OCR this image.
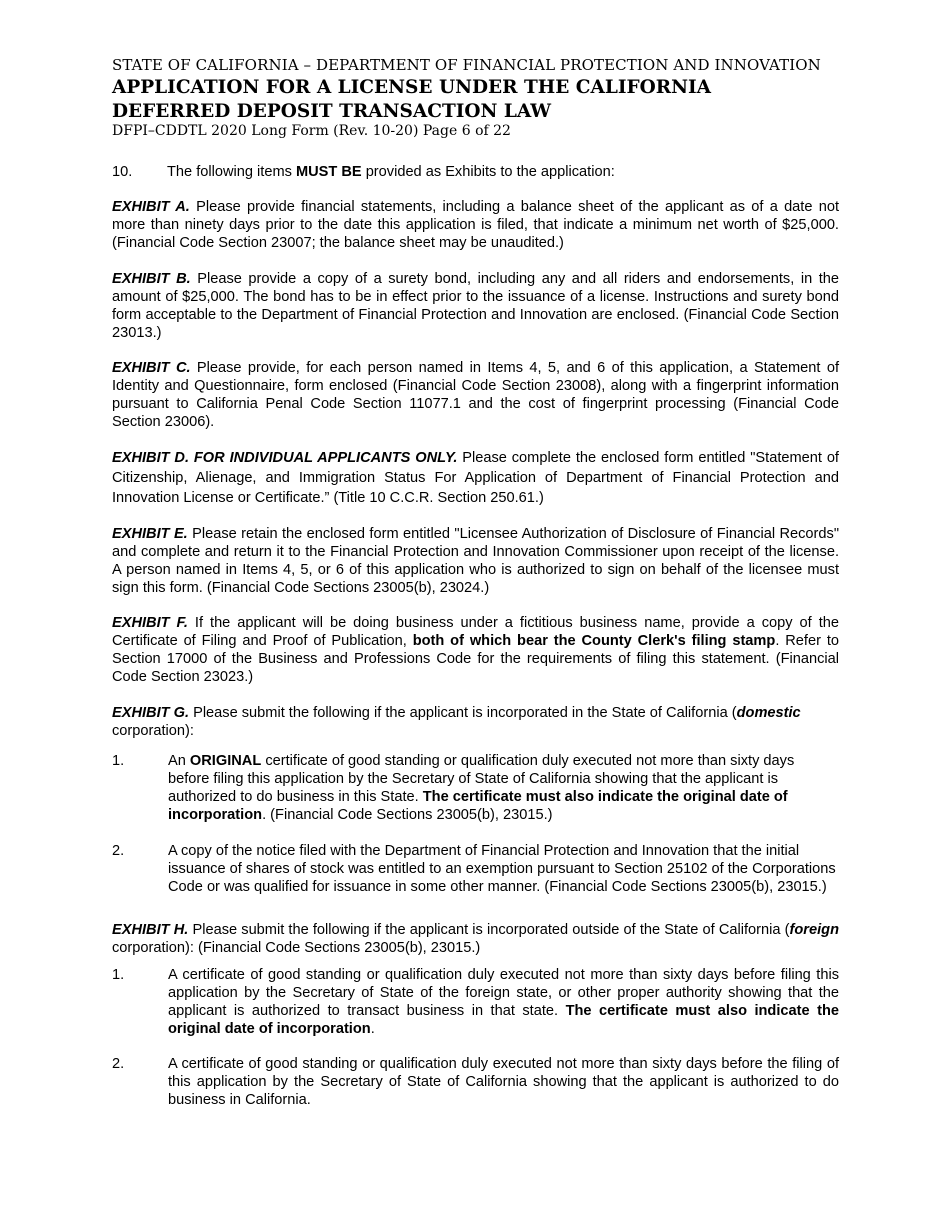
STATE OF CALIFORNIA – DEPARTMENT OF FINANCIAL PROTECTION AND INNOVATION
APPLICATION FOR A LICENSE UNDER THE CALIFORNIA
DEFERRED DEPOSIT TRANSACTION LAW
DFPI–CDDTL 2020 Long Form (Rev. 10-20) Page 6 of 22
10. The following items MUST BE provided as Exhibits to the application:
EXHIBIT A. Please provide financial statements, including a balance sheet of the applicant as of a date not more than ninety days prior to the date this application is filed, that indicate a minimum net worth of $25,000. (Financial Code Section 23007; the balance sheet may be unaudited.)
EXHIBIT B. Please provide a copy of a surety bond, including any and all riders and endorsements, in the amount of $25,000. The bond has to be in effect prior to the issuance of a license. Instructions and surety bond form acceptable to the Department of Financial Protection and Innovation are enclosed. (Financial Code Section 23013.)
EXHIBIT C. Please provide, for each person named in Items 4, 5, and 6 of this application, a Statement of Identity and Questionnaire, form enclosed (Financial Code Section 23008), along with a fingerprint information pursuant to California Penal Code Section 11077.1 and the cost of fingerprint processing (Financial Code Section 23006).
EXHIBIT D. FOR INDIVIDUAL APPLICANTS ONLY. Please complete the enclosed form entitled "Statement of Citizenship, Alienage, and Immigration Status For Application of Department of Financial Protection and Innovation License or Certificate.” (Title 10 C.C.R. Section 250.61.)
EXHIBIT E. Please retain the enclosed form entitled "Licensee Authorization of Disclosure of Financial Records" and complete and return it to the Financial Protection and Innovation Commissioner upon receipt of the license. A person named in Items 4, 5, or 6 of this application who is authorized to sign on behalf of the licensee must sign this form. (Financial Code Sections 23005(b), 23024.)
EXHIBIT F. If the applicant will be doing business under a fictitious business name, provide a copy of the Certificate of Filing and Proof of Publication, both of which bear the County Clerk's filing stamp. Refer to Section 17000 of the Business and Professions Code for the requirements of filing this statement. (Financial Code Section 23023.)
EXHIBIT G. Please submit the following if the applicant is incorporated in the State of California (domestic corporation):
1.	An ORIGINAL certificate of good standing or qualification duly executed not more than sixty days before filing this application by the Secretary of State of California showing that the applicant is authorized to do business in this State. The certificate must also indicate the original date of incorporation. (Financial Code Sections 23005(b), 23015.)
2.	A copy of the notice filed with the Department of Financial Protection and Innovation that the initial issuance of shares of stock was entitled to an exemption pursuant to Section 25102 of the Corporations Code or was qualified for issuance in some other manner. (Financial Code Sections 23005(b), 23015.)
EXHIBIT H. Please submit the following if the applicant is incorporated outside of the State of California (foreign corporation): (Financial Code Sections 23005(b), 23015.)
1.	A certificate of good standing or qualification duly executed not more than sixty days before filing this application by the Secretary of State of the foreign state, or other proper authority showing that the applicant is authorized to transact business in that state. The certificate must also indicate the original date of incorporation.
2.	A certificate of good standing or qualification duly executed not more than sixty days before the filing of this application by the Secretary of State of California showing that the applicant is authorized to do business in California.
